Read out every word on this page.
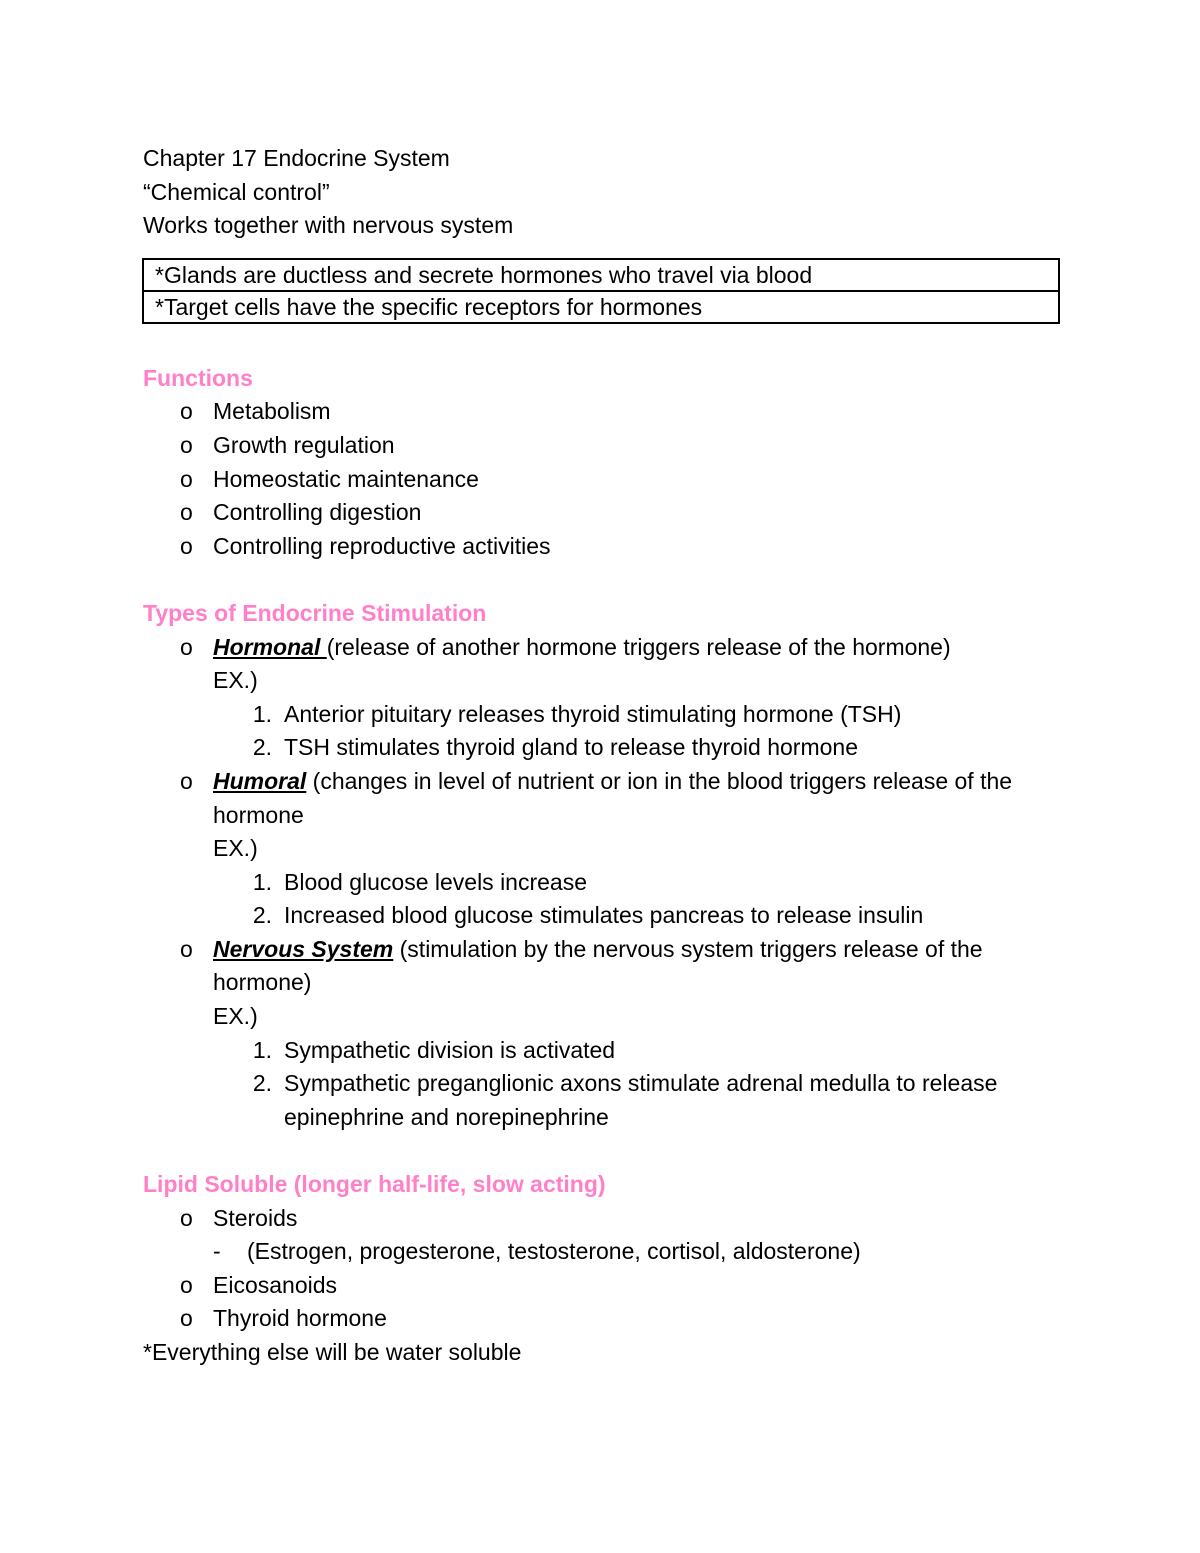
Chapter 17 Endocrine System
“Chemical control”
Works together with nervous system
*Glands are ductless and secrete hormones who travel via blood
*Target cells have the specific receptors for hormones
Functions
o Metabolism
o Growth regulation
o Homeostatic maintenance
o Controlling digestion
o Controlling reproductive activities
Types of Endocrine Stimulation
o Hormonal (release of another hormone triggers release of the hormone)
EX.)
1. Anterior pituitary releases thyroid stimulating hormone (TSH)
2. TSH stimulates thyroid gland to release thyroid hormone
o Humoral (changes in level of nutrient or ion in the blood triggers release of the hormone
EX.)
1. Blood glucose levels increase
2. Increased blood glucose stimulates pancreas to release insulin
o Nervous System (stimulation by the nervous system triggers release of the hormone)
EX.)
1. Sympathetic division is activated
2. Sympathetic preganglionic axons stimulate adrenal medulla to release epinephrine and norepinephrine
Lipid Soluble (longer half-life, slow acting)
o Steroids
-	(Estrogen, progesterone, testosterone, cortisol, aldosterone)
o Eicosanoids
o Thyroid hormone
*Everything else will be water soluble
